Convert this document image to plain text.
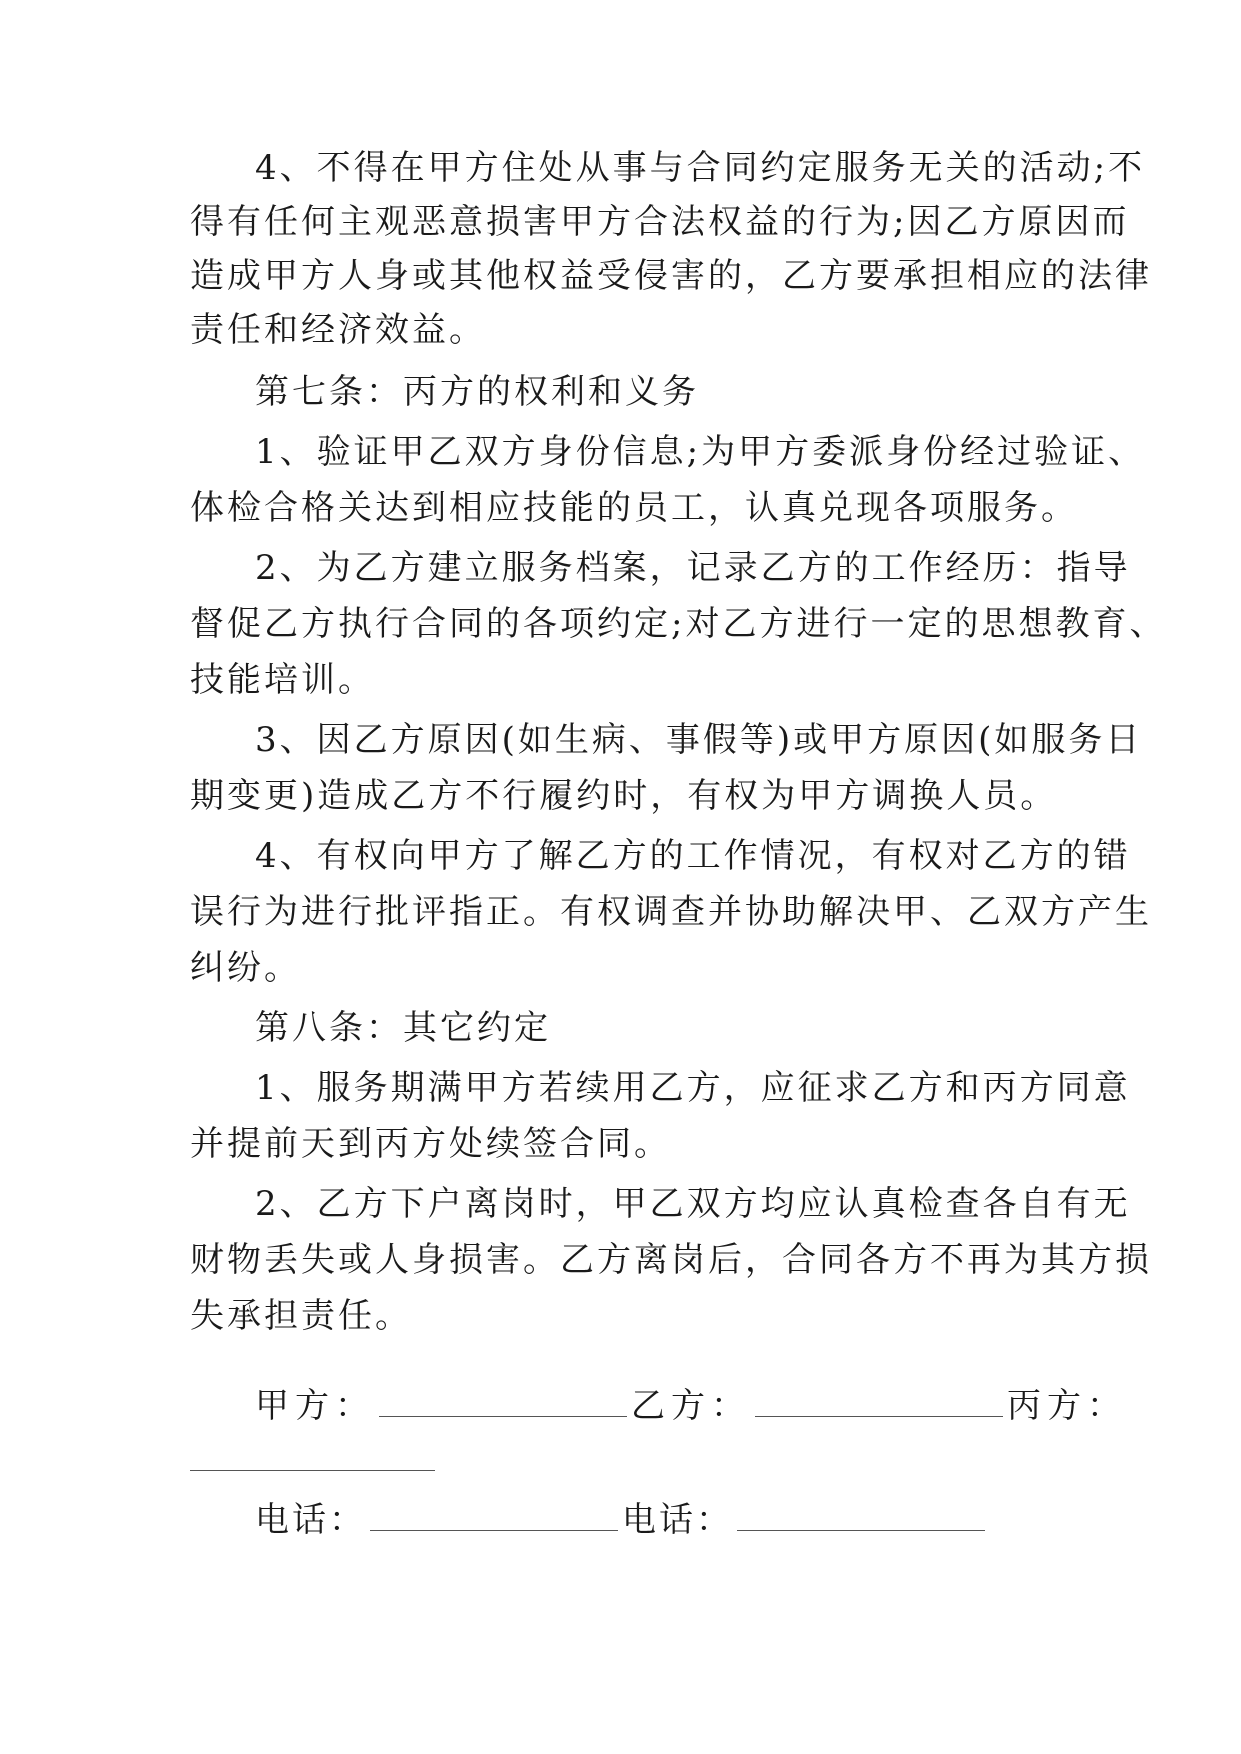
4、不得在甲方住处从事与合同约定服务无关的活动;不
得有任何主观恶意损害甲方合法权益的行为;因乙方原因而
造成甲方人身或其他权益受侵害的，乙方要承担相应的法律
责任和经济效益。
第七条：丙方的权利和义务
1、验证甲乙双方身份信息;为甲方委派身份经过验证、
体检合格关达到相应技能的员工，认真兑现各项服务。
2、为乙方建立服务档案，记录乙方的工作经历：指导
督促乙方执行合同的各项约定;对乙方进行一定的思想教育、
技能培训。
3、因乙方原因(如生病、事假等)或甲方原因(如服务日
期变更)造成乙方不行履约时，有权为甲方调换人员。
4、有权向甲方了解乙方的工作情况，有权对乙方的错
误行为进行批评指正。有权调查并协助解决甲、乙双方产生
纠纷。
第八条：其它约定
1、服务期满甲方若续用乙方，应征求乙方和丙方同意
并提前天到丙方处续签合同。
2、乙方下户离岗时，甲乙双方均应认真检查各自有无
财物丢失或人身损害。乙方离岗后，合同各方不再为其方损
失承担责任。
甲方：	乙方：	丙方：
电话：	电话：
